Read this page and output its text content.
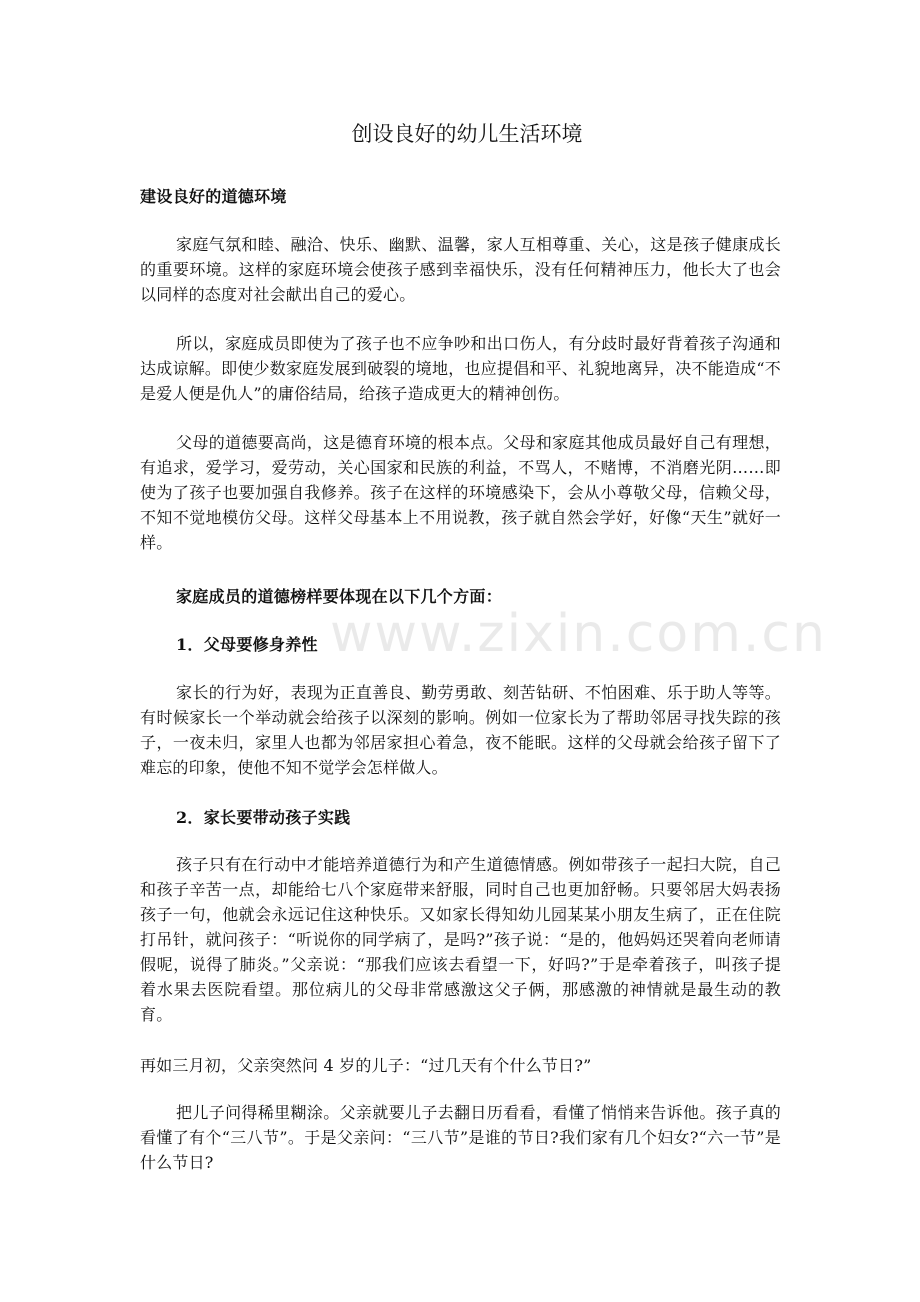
创设良好的幼儿生活环境
建设良好的道德环境

家庭气氛和睦、融洽、快乐、幽默、温馨，家人互相尊重、关心，这是孩子健康成长的重要环境。这样的家庭环境会使孩子感到幸福快乐，没有任何精神压力，他长大了也会以同样的态度对社会献出自己的爱心。

所以，家庭成员即使为了孩子也不应争吵和出口伤人，有分歧时最好背着孩子沟通和达成谅解。即使少数家庭发展到破裂的境地，也应提倡和平、礼貌地离异，决不能造成“不是爱人便是仇人”的庸俗结局，给孩子造成更大的精神创伤。

父母的道德要高尚，这是德育环境的根本点。父母和家庭其他成员最好自己有理想，有追求，爱学习，爱劳动，关心国家和民族的利益，不骂人，不赌博，不消磨光阴……即使为了孩子也要加强自我修养。孩子在这样的环境感染下，会从小尊敬父母，信赖父母，不知不觉地模仿父母。这样父母基本上不用说教，孩子就自然会学好，好像“天生”就好一样。

家庭成员的道德榜样要体现在以下几个方面：
1．父母要修身养性

家长的行为好，表现为正直善良、勤劳勇敢、刻苦钻研、不怕困难、乐于助人等等。有时候家长一个举动就会给孩子以深刻的影响。例如一位家长为了帮助邻居寻找失踪的孩子，一夜未归，家里人也都为邻居家担心着急，夜不能眠。这样的父母就会给孩子留下了难忘的印象，使他不知不觉学会怎样做人。

2．家长要带动孩子实践

孩子只有在行动中才能培养道德行为和产生道德情感。例如带孩子一起扫大院，自己和孩子辛苦一点，却能给七八个家庭带来舒服，同时自己也更加舒畅。只要邻居大妈表扬孩子一句，他就会永远记住这种快乐。又如家长得知幼儿园某某小朋友生病了，正在住院打吊针，就问孩子：“听说你的同学病了，是吗?”孩子说：“是的，他妈妈还哭着向老师请假呢，说得了肺炎。”父亲说：“那我们应该去看望一下，好吗?”于是牵着孩子，叫孩子提着水果去医院看望。那位病儿的父母非常感激这父子俩，那感激的神情就是最生动的教育。

再如三月初，父亲突然问 4 岁的儿子：“过几天有个什么节日?”

把儿子问得稀里糊涂。父亲就要儿子去翻日历看看，看懂了悄悄来告诉他。孩子真的看懂了有个“三八节”。于是父亲问：“三八节”是谁的节日?我们家有几个妇女?“六一节”是什么节日?

www.zixin.com.cn
